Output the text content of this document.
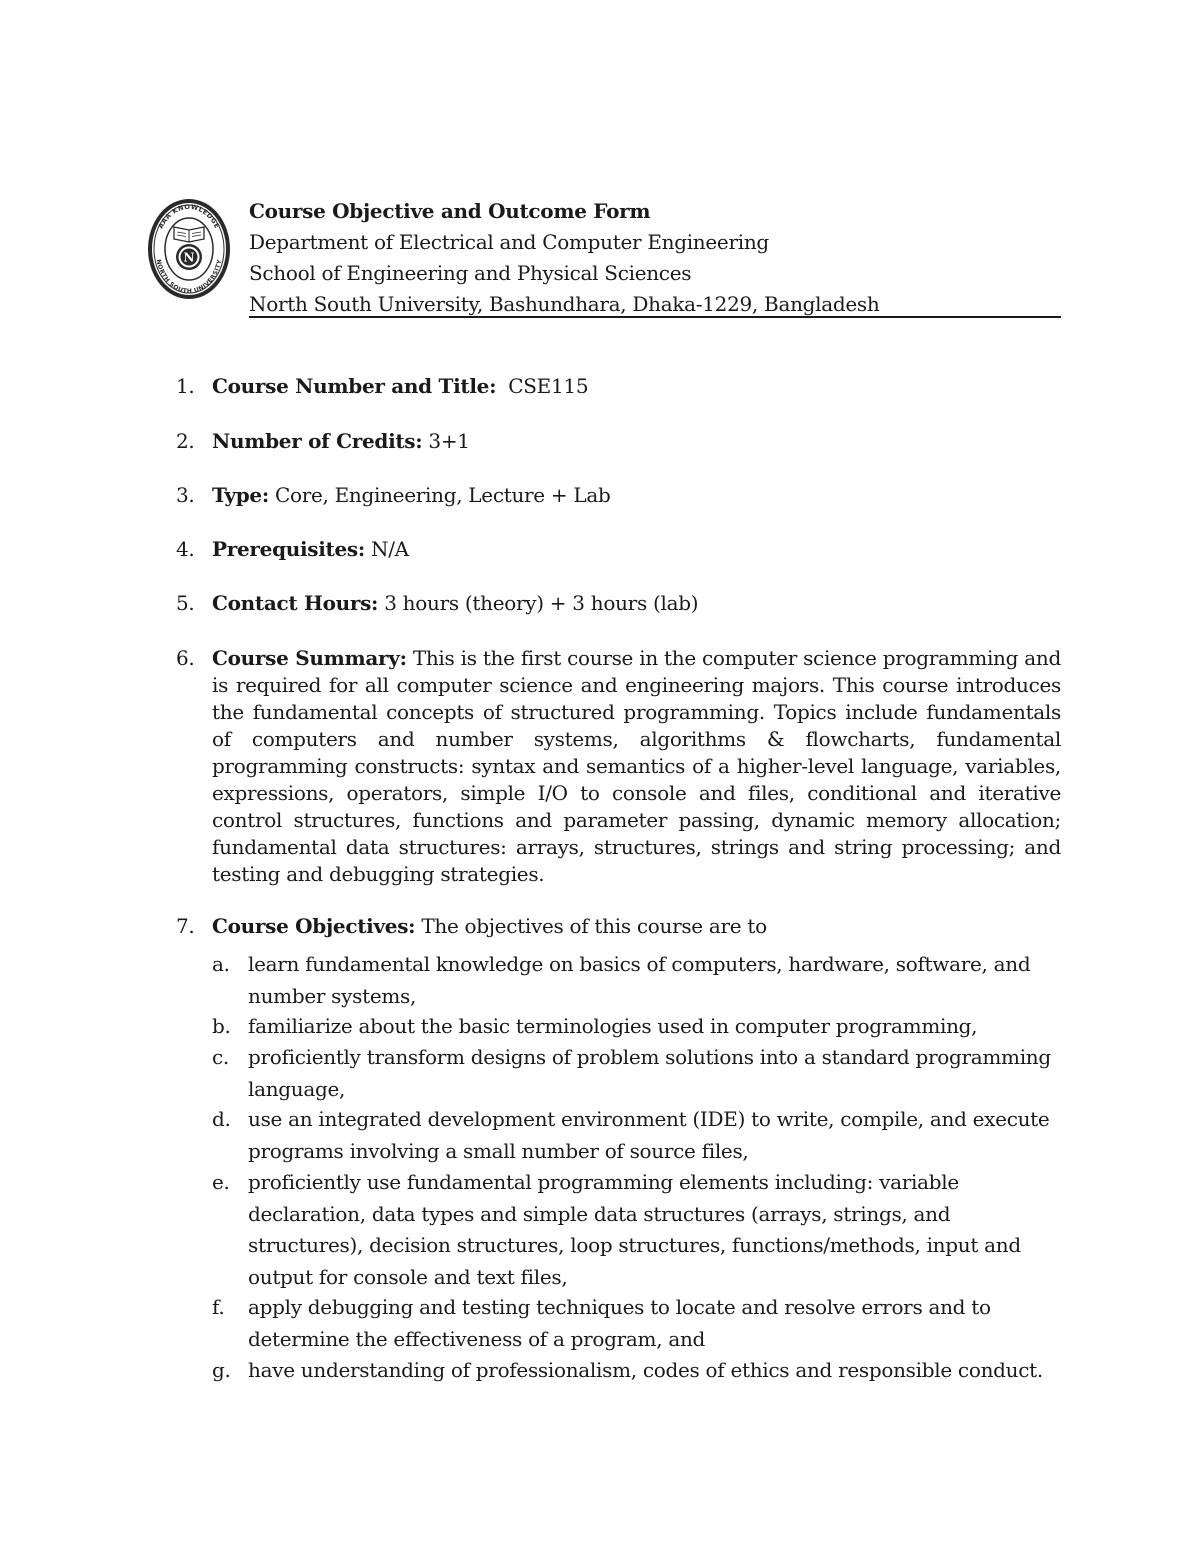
AAA KNOWLEDGE
NORTH SOUTH UNIVERSITY
N
Course Objective and Outcome Form
Department of Electrical and Computer Engineering
School of Engineering and Physical Sciences
North South University, Bashundhara, Dhaka-1229, Bangladesh
1. Course Number and Title: CSE115
2. Number of Credits: 3+1
3. Type: Core, Engineering, Lecture + Lab
4. Prerequisites: N/A
5. Contact Hours: 3 hours (theory) + 3 hours (lab)
6. Course Summary: This is the first course in the computer science programming and is required for all computer science and engineering majors. This course introduces the fundamental concepts of structured programming. Topics include fundamentals of computers and number systems, algorithms & flowcharts, fundamental programming constructs: syntax and semantics of a higher-level language, variables, expressions, operators, simple I/O to console and files, conditional and iterative control structures, functions and parameter passing, dynamic memory allocation; fundamental data structures: arrays, structures, strings and string processing; and testing and debugging strategies.
7. Course Objectives: The objectives of this course are to
a. learn fundamental knowledge on basics of computers, hardware, software, and number systems,
b. familiarize about the basic terminologies used in computer programming,
c. proficiently transform designs of problem solutions into a standard programming language,
d. use an integrated development environment (IDE) to write, compile, and execute programs involving a small number of source files,
e. proficiently use fundamental programming elements including: variable declaration, data types and simple data structures (arrays, strings, and structures), decision structures, loop structures, functions/methods, input and output for console and text files,
f.	apply debugging and testing techniques to locate and resolve errors and to determine the effectiveness of a program, and
g. have understanding of professionalism, codes of ethics and responsible conduct.
